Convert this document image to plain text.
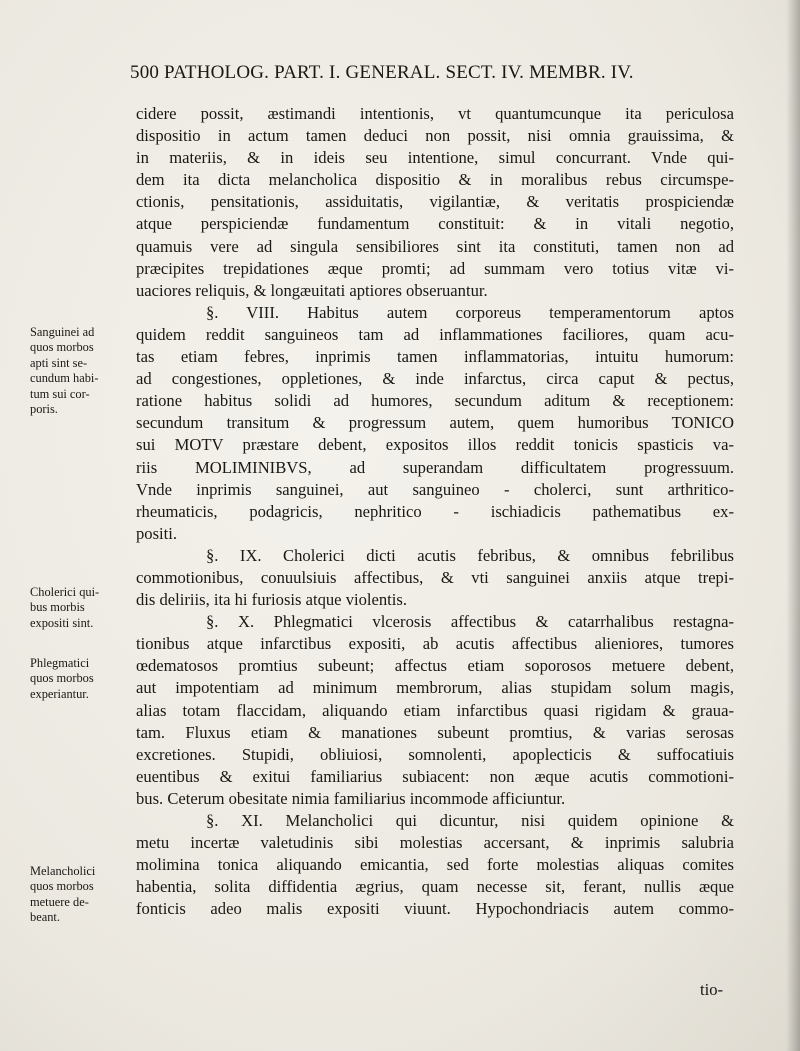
500 PATHOLOG. PART. I. GENERAL. SECT. IV. MEMBR. IV.
cidere possit, æstimandi intentionis, vt quantumcunque ita periculosa
dispositio in actum tamen deduci non possit, nisi omnia grauissima, &
in materiis, & in ideis seu intentione, simul concurrant. Vnde qui-
dem ita dicta melancholica dispositio & in moralibus rebus circumspe-
ctionis, pensitationis, assiduitatis, vigilantiæ, & veritatis prospiciendæ
atque perspiciendæ fundamentum constituit: & in vitali negotio,
quamuis vere ad singula sensibiliores sint ita constituti, tamen non ad
præcipites trepidationes æque promti; ad summam vero totius vitæ vi-
uaciores reliquis, & longæuitati aptiores obseruantur.
§. VIII. Habitus autem corporeus temperamentorum aptos
quidem reddit sanguineos tam ad inflammationes faciliores, quam acu-
tas etiam febres, inprimis tamen inflammatorias, intuitu humorum:
ad congestiones, oppletiones, & inde infarctus, circa caput & pectus,
ratione habitus solidi ad humores, secundum aditum & receptionem:
secundum transitum & progressum autem, quem humoribus TONICO
sui MOTV præstare debent, expositos illos reddit tonicis spasticis va-
riis MOLIMINIBVS, ad superandam difficultatem progressuum.
Vnde inprimis sanguinei, aut sanguineo - cholerci, sunt arthritico-
rheumaticis, podagricis, nephritico - ischiadicis pathematibus ex-
positi.
§. IX. Cholerici dicti acutis febribus, & omnibus febrilibus
commotionibus, conuulsiuis affectibus, & vti sanguinei anxiis atque trepi-
dis deliriis, ita hi furiosis atque violentis.
§. X. Phlegmatici vlcerosis affectibus & catarrhalibus restagna-
tionibus atque infarctibus expositi, ab acutis affectibus alieniores, tumores
œdematosos promtius subeunt; affectus etiam soporosos metuere debent,
aut impotentiam ad minimum membrorum, alias stupidam solum magis,
alias totam flaccidam, aliquando etiam infarctibus quasi rigidam & graua-
tam. Fluxus etiam & manationes subeunt promtius, & varias serosas
excretiones. Stupidi, obliuiosi, somnolenti, apoplecticis & suffocatiuis
euentibus & exitui familiarius subiacent: non æque acutis commotioni-
bus. Ceterum obesitate nimia familiarius incommode afficiuntur.
§. XI. Melancholici qui dicuntur, nisi quidem opinione &
metu incertæ valetudinis sibi molestias accersant, & inprimis salubria
molimina tonica aliquando emicantia, sed forte molestias aliquas comites
habentia, solita diffidentia ægrius, quam necesse sit, ferant, nullis æque
fonticis adeo malis expositi viuunt. Hypochondriacis autem commo-
Sanguinei ad
quos morbos
apti sint se-
cundum habi-
tum sui cor-
poris.
Cholerici qui-
bus morbis
expositi sint.
Phlegmatici
quos morbos
experiantur.
Melancholici
quos morbos
metuere de-
beant.
tio-
